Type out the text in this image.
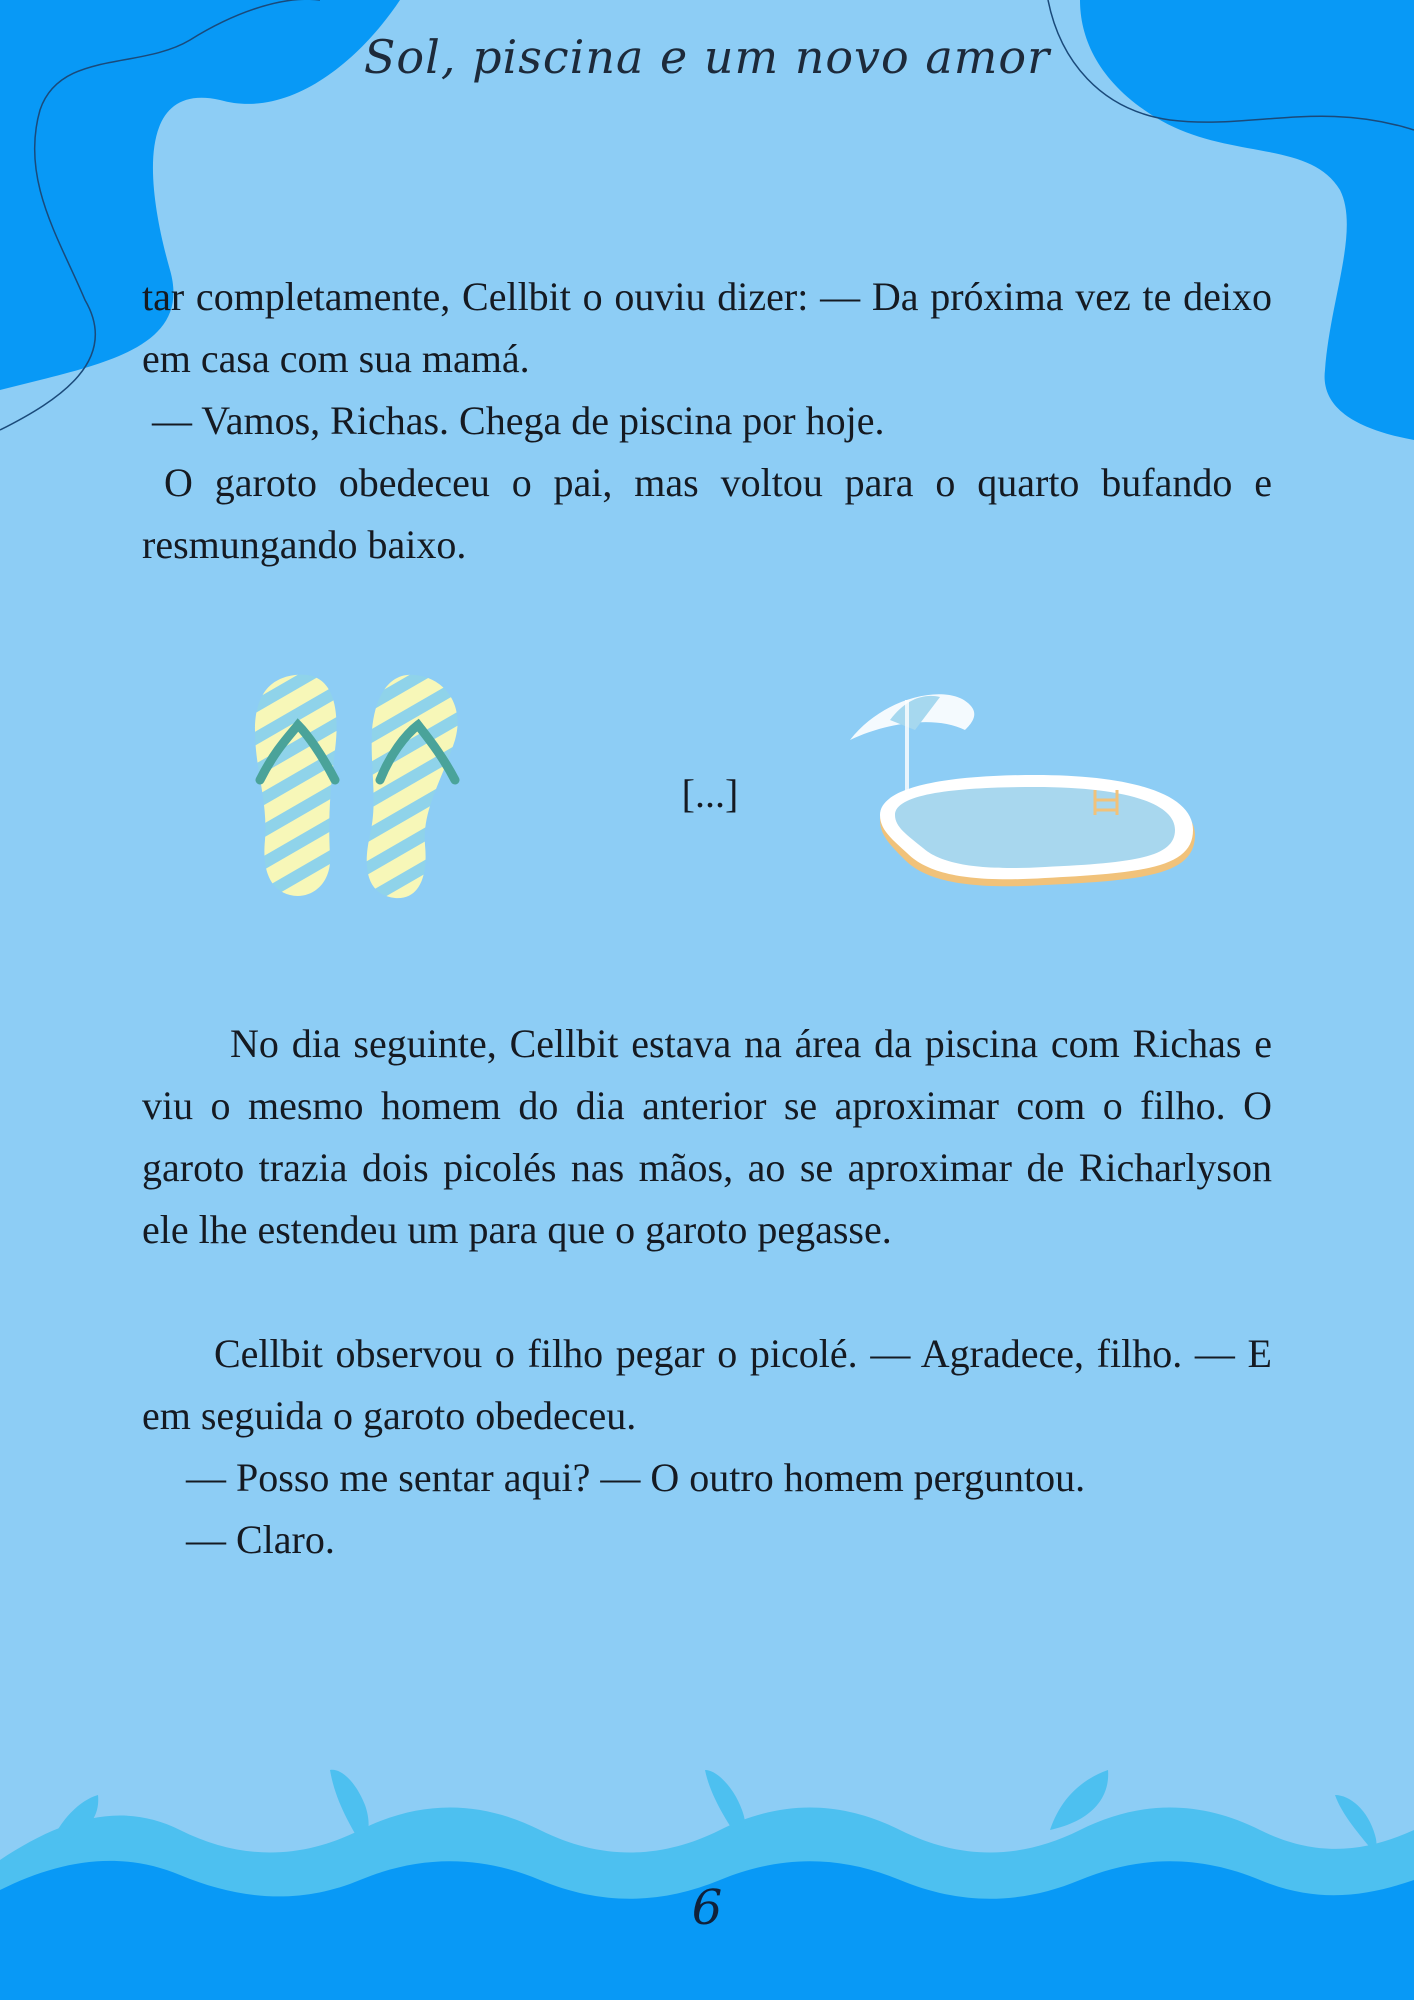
Sol, piscina e um novo amor

tar completamente, Cellbit o ouviu dizer: — Da próxima vez te deixo em casa com sua mamá.

— Vamos, Richas. Chega de piscina por hoje.

O garoto obedeceu o pai, mas voltou para o quarto bufando e resmungando baixo.

[...]

No dia seguinte, Cellbit estava na área da piscina com Richas e viu o mesmo homem do dia anterior se aproximar com o filho. O garoto trazia dois picolés nas mãos, ao se aproximar de Richarlyson ele lhe estendeu um para que o garoto pegasse.

Cellbit observou o filho pegar o picolé. — Agradece, filho. — E em seguida o garoto obedeceu.

— Posso me sentar aqui? — O outro homem perguntou.

— Claro.

6
